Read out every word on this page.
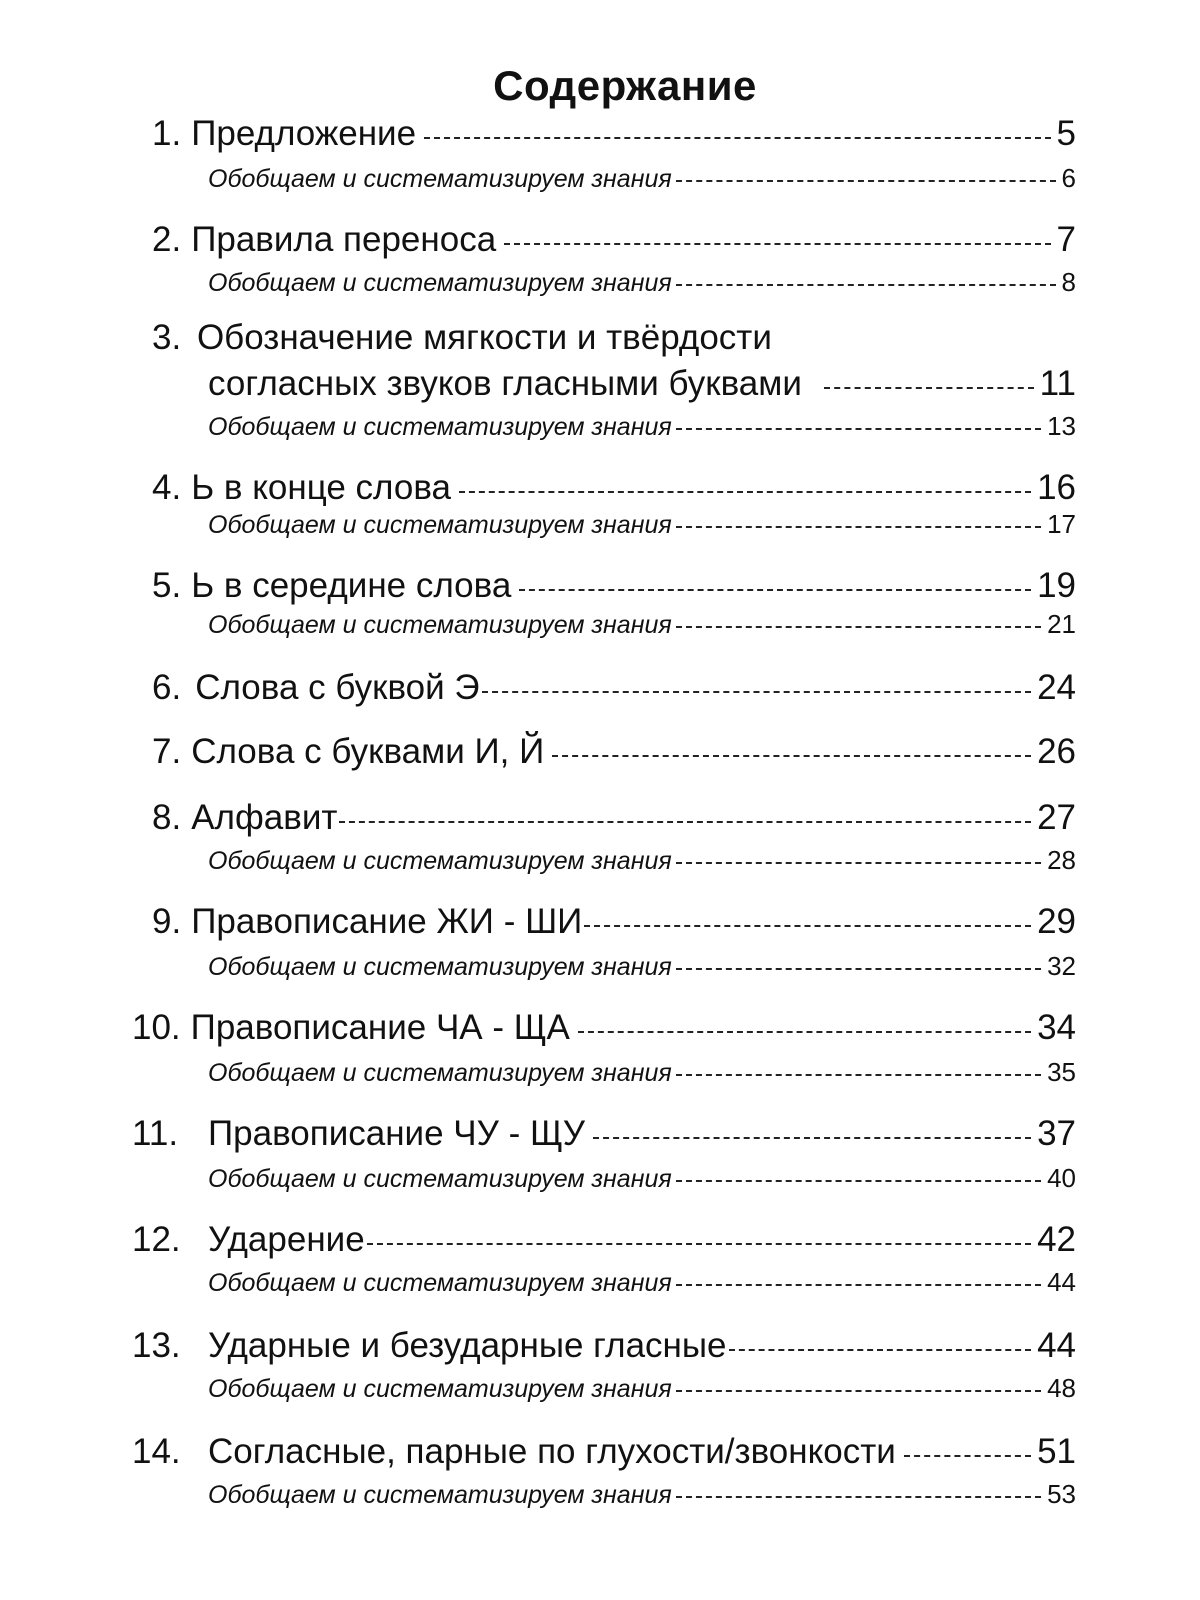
Содержание
1. Предложение	5
Обобщаем и систематизируем знания	6
2. Правила переноса	7
Обобщаем и систематизируем знания	8
3. Обозначение мягкости и твёрдости
согласных звуков гласными буквами	11
Обобщаем и систематизируем знания	13
4. Ь в конце слова	16
Обобщаем и систематизируем знания	17
5. Ь в середине слова	19
Обобщаем и систематизируем знания	21
6. Слова с буквой Э	24
7. Слова с буквами И, Й	26
8. Алфавит	27
Обобщаем и систематизируем знания	28
9. Правописание ЖИ - ШИ	29
Обобщаем и систематизируем знания	32
10. Правописание ЧА - ЩА	34
Обобщаем и систематизируем знания	35
11. Правописание ЧУ - ЩУ	37
Обобщаем и систематизируем знания	40
12. Ударение	42
Обобщаем и систематизируем знания	44
13. Ударные и безударные гласные	44
Обобщаем и систематизируем знания	48
14. Согласные, парные по глухости/звонкости	51
Обобщаем и систематизируем знания	53
